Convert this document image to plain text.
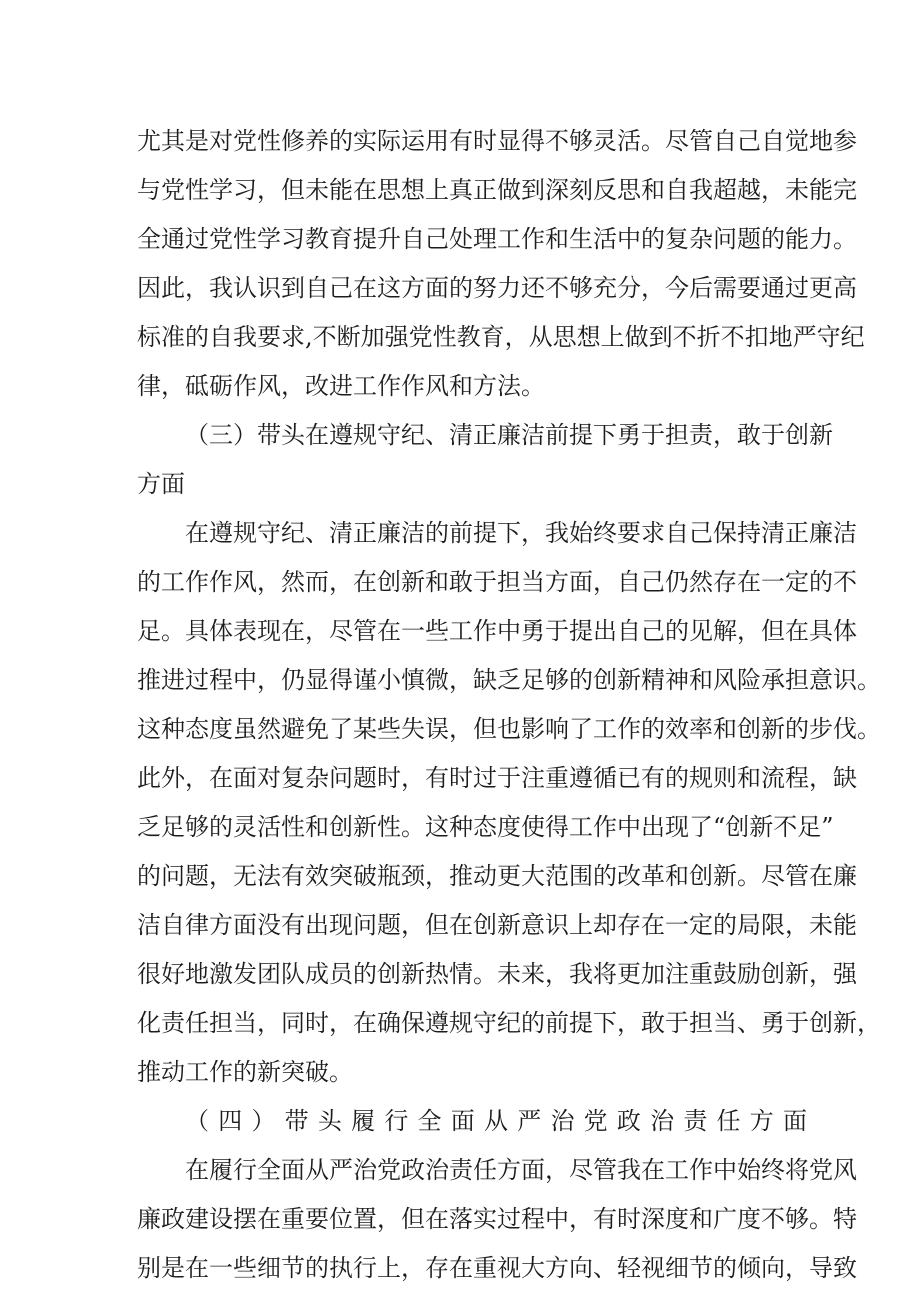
尤其是对党性修养的实际运用有时显得不够灵活。尽管自己自觉地参
与党性学习，但未能在思想上真正做到深刻反思和自我超越，未能完
全通过党性学习教育提升自己处理工作和生活中的复杂问题的能力。
因此，我认识到自己在这方面的努力还不够充分，今后需要通过更高
标准的自我要求,不断加强党性教育，从思想上做到不折不扣地严守纪
律，砥砺作风，改进工作作风和方法。
（三）带头在遵规守纪、清正廉洁前提下勇于担责，敢于创新
方面
在遵规守纪、清正廉洁的前提下，我始终要求自己保持清正廉洁
的工作作风，然而，在创新和敢于担当方面，自己仍然存在一定的不
足。具体表现在，尽管在一些工作中勇于提出自己的见解，但在具体
推进过程中，仍显得谨小慎微，缺乏足够的创新精神和风险承担意识。
这种态度虽然避免了某些失误，但也影响了工作的效率和创新的步伐。
此外，在面对复杂问题时，有时过于注重遵循已有的规则和流程，缺
乏足够的灵活性和创新性。这种态度使得工作中出现了“创新不足”
的问题，无法有效突破瓶颈，推动更大范围的改革和创新。尽管在廉
洁自律方面没有出现问题，但在创新意识上却存在一定的局限，未能
很好地激发团队成员的创新热情。未来，我将更加注重鼓励创新，强
化责任担当，同时，在确保遵规守纪的前提下，敢于担当、勇于创新，
推动工作的新突破。
（四）带头履行全面从严治党政治责任方面
在履行全面从严治党政治责任方面，尽管我在工作中始终将党风
廉政建设摆在重要位置，但在落实过程中，有时深度和广度不够。特
别是在一些细节的执行上，存在重视大方向、轻视细节的倾向，导致
